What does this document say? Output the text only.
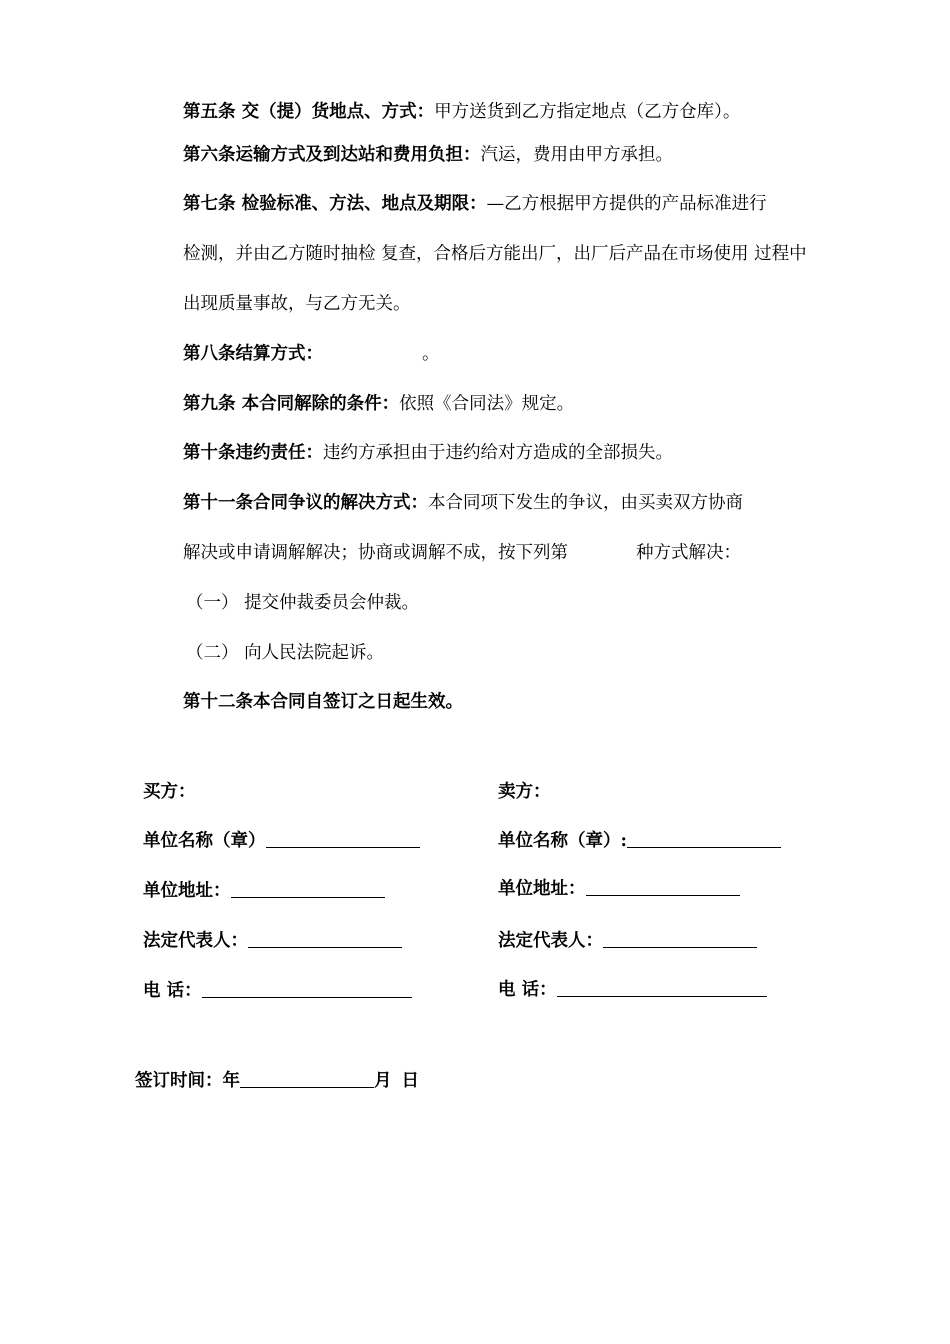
第五条 交（提）货地点、方式：甲方送货到乙方指定地点（乙方仓库）。
第六条运输方式及到达站和费用负担：汽运，费用由甲方承担。
第七条 检验标准、方法、地点及期限：—乙方根据甲方提供的产品标准进行
检测，并由乙方随时抽检 复查，合格后方能出厂，出厂后产品在市场使用 过程中
出现质量事故，与乙方无关。
第八条结算方式：	。
第九条 本合同解除的条件：依照《合同法》规定。
第十条违约责任：违约方承担由于违约给对方造成的全部损失。
第十一条合同争议的解决方式：本合同项下发生的争议，由买卖双方协商
解决或申请调解解决；协商或调解不成，按下列第	种方式解决：
（一） 提交仲裁委员会仲裁。
（二） 向人民法院起诉。
第十二条本合同自签订之日起生效。
买方：
单位名称（章）
单位地址：
法定代表人：
电 话：
卖方：
单位名称（章）:
单位地址：
法定代表人：
电 话：
签订时间：年	月 日
